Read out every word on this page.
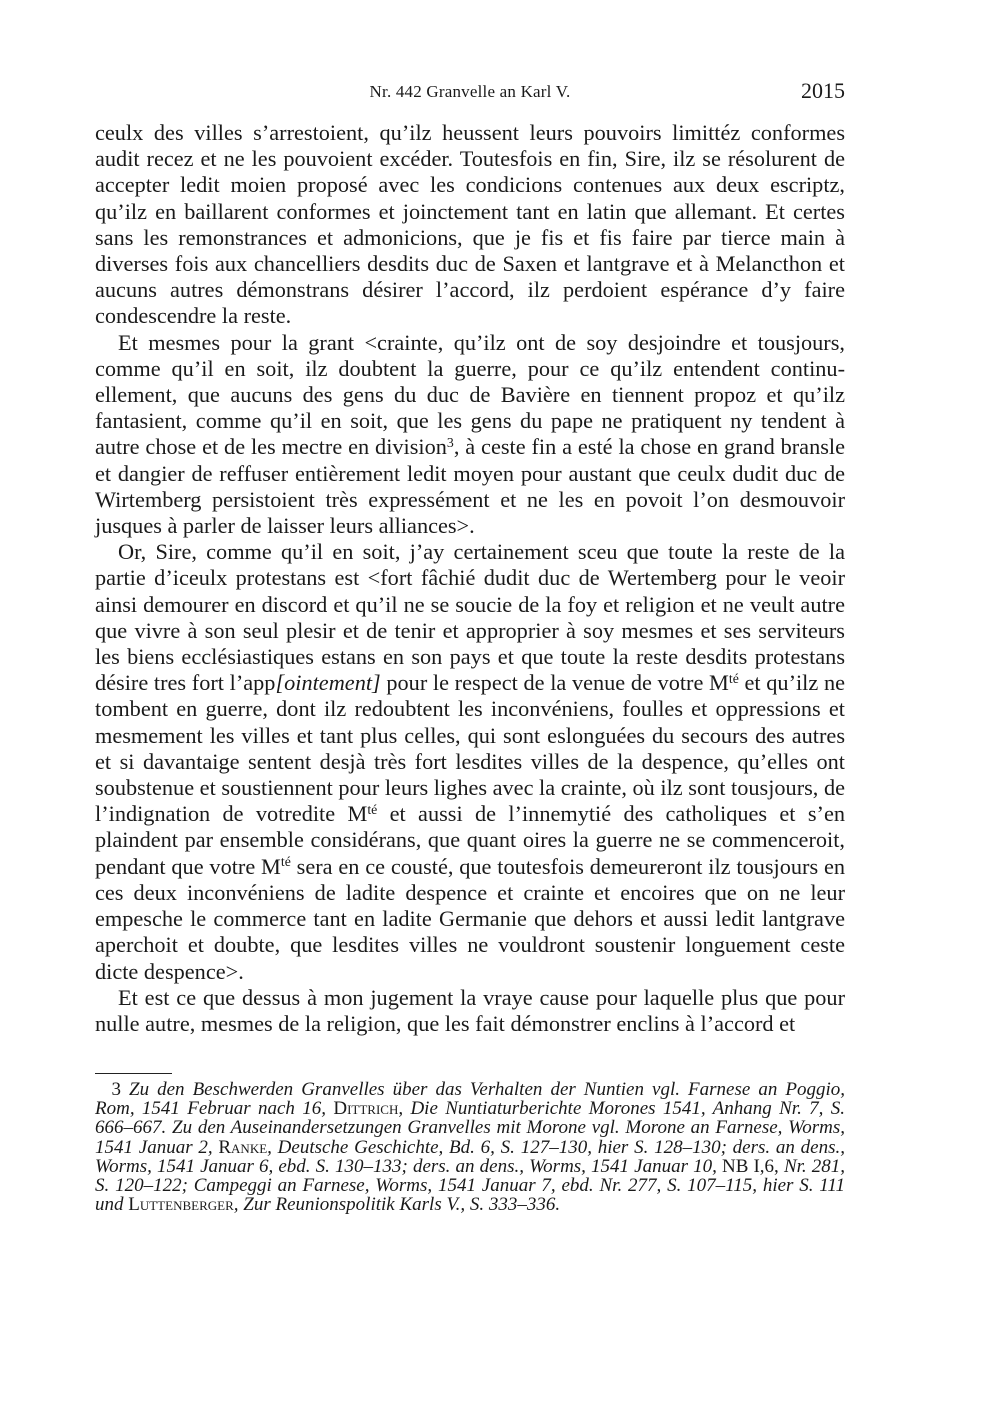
Nr. 442 Granvelle an Karl V.	2015

ceulx des villes s’arrestoient, qu’ilz heussent leurs pouvoirs limittéz conformes audit recez et ne les pouvoient excéder. Toutesfois en fin, Sire, ilz se résolurent de accepter ledit moien proposé avec les condicions contenues aux deux escriptz, qu’ilz en baillarent conformes et joinctement tant en latin que allemant. Et certes sans les remonstrances et admonicions, que je fis et fis faire par tierce main à diverses fois aux chancelliers desdits duc de Saxen et lantgrave et à Melancthon et aucuns autres démonstrans désirer l’accord, ilz perdoient espérance d’y faire condescendre la reste.

Et mesmes pour la grant <crainte, qu’ilz ont de soy desjoindre et tousjours, comme qu’il en soit, ilz doubtent la guerre, pour ce qu’ilz entendent continuellement, que aucuns des gens du duc de Bavière en tiennent propoz et qu’ilz fantasient, comme qu’il en soit, que les gens du pape ne pratiquent ny tendent à autre chose et de les mectre en division$^3$, à ceste fin a esté la chose en grand bransle et dangier de reffuser entièrement ledit moyen pour austant que ceulx dudit duc de Wirtemberg persistoient très expressément et ne les en povoit l’on desmouvoir jusques à parler de laisser leurs alliances>.

Or, Sire, comme qu’il en soit, j’ay certainement sceu que toute la reste de la partie d’iceulx protestans est <fort fâchié dudit duc de Wertemberg pour le veoir ainsi demourer en discord et qu’il ne se soucie de la foy et religion et ne veult autre que vivre à son seul plesir et de tenir et approprier à soy mesmes et ses serviteurs les biens ecclésiastiques estans en son pays et que toute la reste desdits protestans désire tres fort l’app[ointement] pour le respect de la venue de votre $M^{té}$ et qu’ilz ne tombent en guerre, dont ilz redoubtent les inconvéniens, foulles et oppressions et mesmement les villes et tant plus celles, qui sont eslonguées du secours des autres et si davantaige sentent desjà très fort lesdites villes de la despence, qu’elles ont soubstenue et soustiennent pour leurs lighes avec la crainte, où ilz sont tousjours, de l’indignation de votredite $M^{té}$ et aussi de l’innemytié des catholiques et s’en plaindent par ensemble considérans, que quant oires la guerre ne se commenceroit, pendant que votre $M^{té}$ sera en ce cousté, que toutesfois demeureront ilz tousjours en ces deux inconvéniens de ladite despence et crainte et encoires que on ne leur empesche le commerce tant en ladite Germanie que dehors et aussi ledit lantgrave aperchoit et doubte, que lesdites villes ne vouldront soustenir longuement ceste dicte despence>.

Et est ce que dessus à mon jugement la vraye cause pour laquelle plus que pour nulle autre, mesmes de la religion, que les fait démonstrer enclins à l’accord et

3 Zu den Beschwerden Granvelles über das Verhalten der Nuntien vgl. Farnese an Poggio, Rom, 1541 Februar nach 16, Dittrich, Die Nuntiaturberichte Morones 1541, Anhang Nr. 7, S. 666–667. Zu den Auseinandersetzungen Granvelles mit Morone vgl. Morone an Farnese, Worms, 1541 Januar 2, Ranke, Deutsche Geschichte, Bd. 6, S. 127–130, hier S. 128–130; ders. an dens., Worms, 1541 Januar 6, ebd. S. 130–133; ders. an dens., Worms, 1541 Januar 10, NB I,6, Nr. 281, S. 120–122; Campeggi an Farnese, Worms, 1541 Januar 7, ebd. Nr. 277, S. 107–115, hier S. 111 und Luttenberger, Zur Reunionspolitik Karls V., S. 333–336.
